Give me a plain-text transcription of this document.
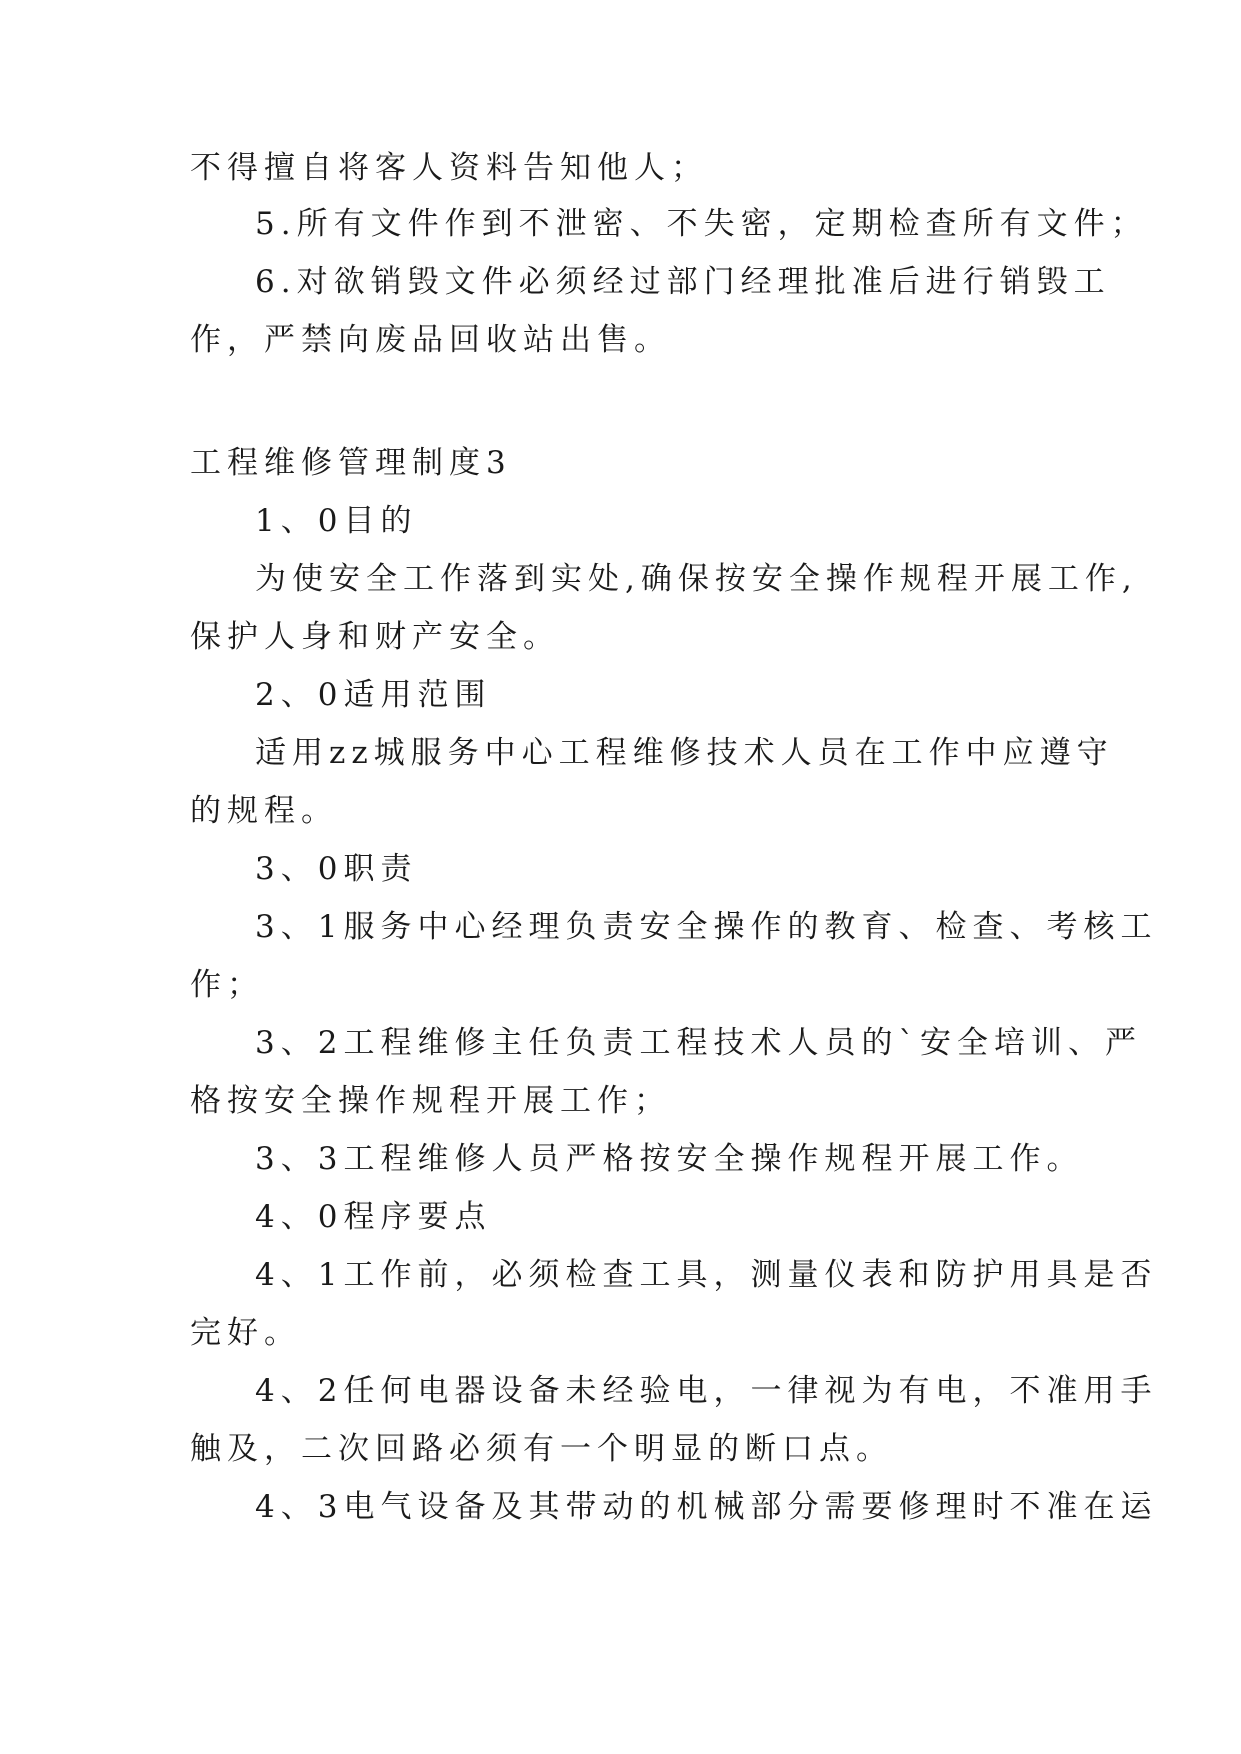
不得擅自将客人资料告知他人；
5.所有文件作到不泄密、不失密，定期检查所有文件；
6.对欲销毁文件必须经过部门经理批准后进行销毁工
作，严禁向废品回收站出售。
工程维修管理制度3
1、0目的
为使安全工作落到实处,确保按安全操作规程开展工作,
保护人身和财产安全。
2、0适用范围
适用zz城服务中心工程维修技术人员在工作中应遵守
的规程。
3、0职责
3、1服务中心经理负责安全操作的教育、检查、考核工
作；
3、2工程维修主任负责工程技术人员的`安全培训、严
格按安全操作规程开展工作；
3、3工程维修人员严格按安全操作规程开展工作。
4、0程序要点
4、1工作前，必须检查工具，测量仪表和防护用具是否
完好。
4、2任何电器设备未经验电，一律视为有电，不准用手
触及，二次回路必须有一个明显的断口点。
4、3电气设备及其带动的机械部分需要修理时不准在运
